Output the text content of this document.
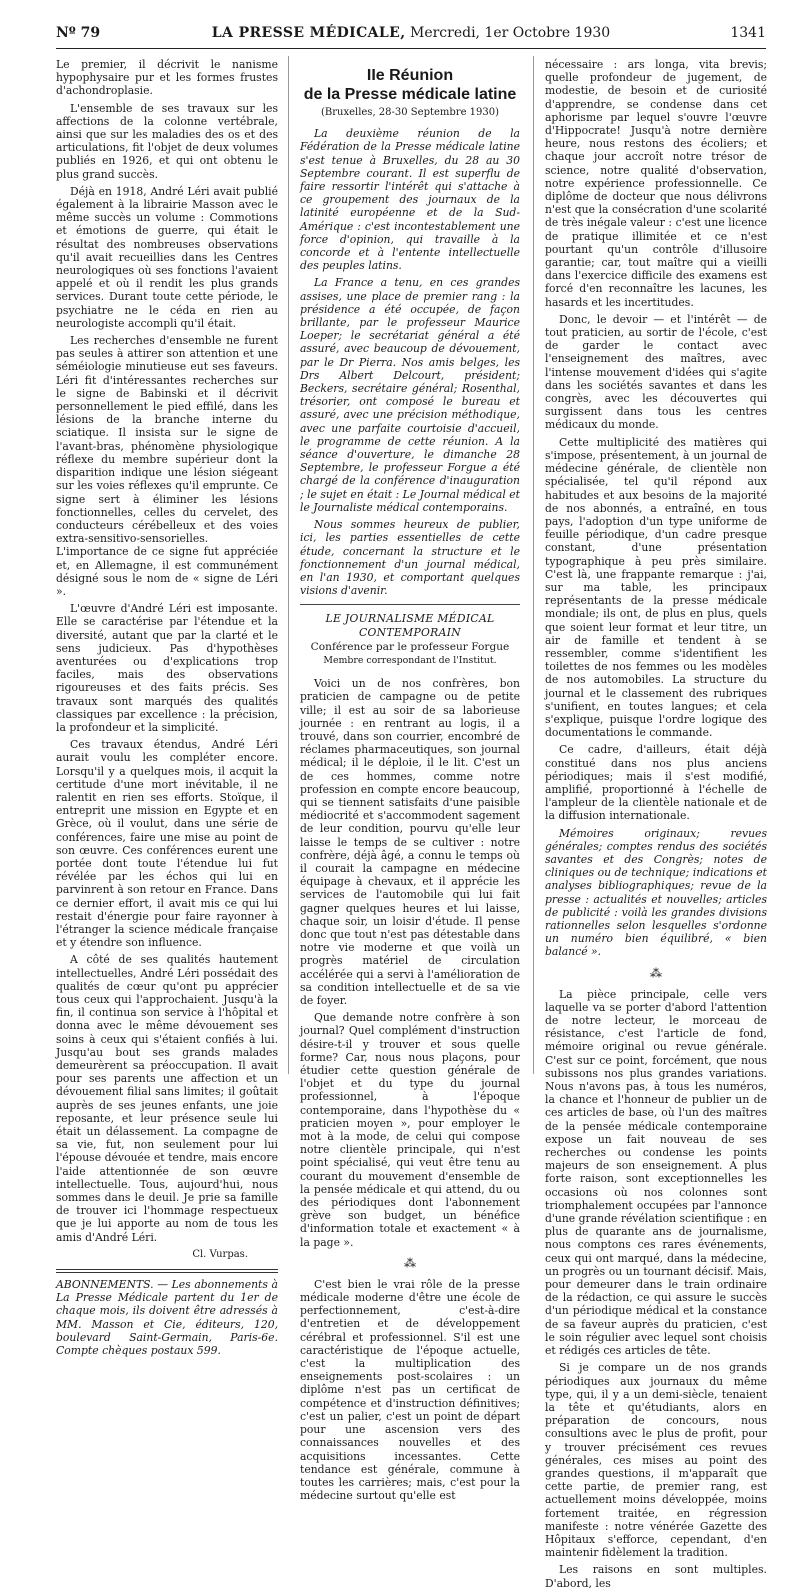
Nº 79	LA PRESSE MÉDICALE, Mercredi, 1er Octobre 1930	1341

Le premier, il décrivit le nanisme hypophysaire pur et les formes frustes d'achondroplasie.

L'ensemble de ses travaux sur les affections de la colonne vertébrale, ainsi que sur les maladies des os et des articulations, fit l'objet de deux volumes publiés en 1926, et qui ont obtenu le plus grand succès.

Déjà en 1918, André Léri avait publié également à la librairie Masson avec le même succès un volume : Commotions et émotions de guerre, qui était le résultat des nombreuses observations qu'il avait recueillies dans les Centres neurologiques où ses fonctions l'avaient appelé et où il rendit les plus grands services. Durant toute cette période, le psychiatre ne le céda en rien au neurologiste accompli qu'il était.

Les recherches d'ensemble ne furent pas seules à attirer son attention et une séméiologie minutieuse eut ses faveurs. Léri fit d'intéressantes recherches sur le signe de Babinski et il décrivit personnellement le pied effilé, dans les lésions de la branche interne du sciatique. Il insista sur le signe de l'avant-bras, phénomène physiologique réflexe du membre supérieur dont la disparition indique une lésion siégeant sur les voies réflexes qu'il emprunte. Ce signe sert à éliminer les lésions fonctionnelles, celles du cervelet, des conducteurs cérébelleux et des voies extra-sensitivo-sensorielles. L'importance de ce signe fut appréciée et, en Allemagne, il est communément désigné sous le nom de « signe de Léri ».

L'œuvre d'André Léri est imposante. Elle se caractérise par l'étendue et la diversité, autant que par la clarté et le sens judicieux. Pas d'hypothèses aventurées ou d'explications trop faciles, mais des observations rigoureuses et des faits précis. Ses travaux sont marqués des qualités classiques par excellence : la précision, la profondeur et la simplicité.

Ces travaux étendus, André Léri aurait voulu les compléter encore. Lorsqu'il y a quelques mois, il acquit la certitude d'une mort inévitable, il ne ralentit en rien ses efforts. Stoïque, il entreprit une mission en Egypte et en Grèce, où il voulut, dans une série de conférences, faire une mise au point de son œuvre. Ces conférences eurent une portée dont toute l'étendue lui fut révélée par les échos qui lui en parvinrent à son retour en France. Dans ce dernier effort, il avait mis ce qui lui restait d'énergie pour faire rayonner à l'étranger la science médicale française et y étendre son influence.

A côté de ses qualités hautement intellectuelles, André Léri possédait des qualités de cœur qu'ont pu apprécier tous ceux qui l'approchaient. Jusqu'à la fin, il continua son service à l'hôpital et donna avec le même dévouement ses soins à ceux qui s'étaient confiés à lui. Jusqu'au bout ses grands malades demeurèrent sa préoccupation. Il avait pour ses parents une affection et un dévouement filial sans limites; il goûtait auprès de ses jeunes enfants, une joie reposante, et leur présence seule lui était un délassement. La compagne de sa vie, fut, non seulement pour lui l'épouse dévouée et tendre, mais encore l'aide attentionnée de son œuvre intellectuelle. Tous, aujourd'hui, nous sommes dans le deuil. Je prie sa famille de trouver ici l'hommage respectueux que je lui apporte au nom de tous les amis d'André Léri.

Cl. Vurpas.

ABONNEMENTS. — Les abonnements à La Presse Médicale partent du 1er de chaque mois, ils doivent être adressés à MM. Masson et Cie, éditeurs, 120, boulevard Saint-Germain, Paris-6e. Compte chèques postaux 599.

IIe Réunion
de la Presse médicale latine
(Bruxelles, 28-30 Septembre 1930)

La deuxième réunion de la Fédération de la Presse médicale latine s'est tenue à Bruxelles, du 28 au 30 Septembre courant. Il est superflu de faire ressortir l'intérêt qui s'attache à ce groupement des journaux de la latinité européenne et de la Sud-Amérique : c'est incontestablement une force d'opinion, qui travaille à la concorde et à l'entente intellectuelle des peuples latins.

La France a tenu, en ces grandes assises, une place de premier rang : la présidence a été occupée, de façon brillante, par le professeur Maurice Loeper; le secrétariat général a été assuré, avec beaucoup de dévouement, par le Dr Pierra. Nos amis belges, les Drs Albert Delcourt, président; Beckers, secrétaire général; Rosenthal, trésorier, ont composé le bureau et assuré, avec une précision méthodique, avec une parfaite courtoisie d'accueil, le programme de cette réunion. A la séance d'ouverture, le dimanche 28 Septembre, le professeur Forgue a été chargé de la conférence d'inauguration ; le sujet en était : Le Journal médical et le Journaliste médical contemporains.

Nous sommes heureux de publier, ici, les parties essentielles de cette étude, concernant la structure et le fonctionnement d'un journal médical, en l'an 1930, et comportant quelques visions d'avenir.

LE JOURNALISME MÉDICAL CONTEMPORAIN
Conférence par le professeur Forgue
Membre correspondant de l'Institut.

Voici un de nos confrères, bon praticien de campagne ou de petite ville; il est au soir de sa laborieuse journée : en rentrant au logis, il a trouvé, dans son courrier, encombré de réclames pharmaceutiques, son journal médical; il le déploie, il le lit. C'est un de ces hommes, comme notre profession en compte encore beaucoup, qui se tiennent satisfaits d'une paisible médiocrité et s'accommodent sagement de leur condition, pourvu qu'elle leur laisse le temps de se cultiver : notre confrère, déjà âgé, a connu le temps où il courait la campagne en médecine équipage à chevaux, et il apprécie les services de l'automobile qui lui fait gagner quelques heures et lui laisse, chaque soir, un loisir d'étude. Il pense donc que tout n'est pas détestable dans notre vie moderne et que voilà un progrès matériel de circulation accélérée qui a servi à l'amélioration de sa condition intellectuelle et de sa vie de foyer.

Que demande notre confrère à son journal? Quel complément d'instruction désire-t-il y trouver et sous quelle forme? Car, nous nous plaçons, pour étudier cette question générale de l'objet et du type du journal professionnel, à l'époque contemporaine, dans l'hypothèse du « praticien moyen », pour employer le mot à la mode, de celui qui compose notre clientèle principale, qui n'est point spécialisé, qui veut être tenu au courant du mouvement d'ensemble de la pensée médicale et qui attend, du ou des périodiques dont l'abonnement grève son budget, un bénéfice d'information totale et exactement « à la page ».

⁂

C'est bien le vrai rôle de la presse médicale moderne d'être une école de perfectionnement, c'est-à-dire d'entretien et de développement cérébral et professionnel. S'il est une caractéristique de l'époque actuelle, c'est la multiplication des enseignements post-scolaires : un diplôme n'est pas un certificat de compétence et d'instruction définitives; c'est un palier, c'est un point de départ pour une ascension vers des connaissances nouvelles et des acquisitions incessantes. Cette tendance est générale, commune à toutes les carrières; mais, c'est pour la médecine surtout qu'elle est

nécessaire : ars longa, vita brevis; quelle profondeur de jugement, de modestie, de besoin et de curiosité d'apprendre, se condense dans cet aphorisme par lequel s'ouvre l'œuvre d'Hippocrate! Jusqu'à notre dernière heure, nous restons des écoliers; et chaque jour accroît notre trésor de science, notre qualité d'observation, notre expérience professionnelle. Ce diplôme de docteur que nous délivrons n'est que la consécration d'une scolarité de très inégale valeur : c'est une licence de pratique illimitée et ce n'est pourtant qu'un contrôle d'illusoire garantie; car, tout maître qui a vieilli dans l'exercice difficile des examens est forcé d'en reconnaître les lacunes, les hasards et les incertitudes.

Donc, le devoir — et l'intérêt — de tout praticien, au sortir de l'école, c'est de garder le contact avec l'enseignement des maîtres, avec l'intense mouvement d'idées qui s'agite dans les sociétés savantes et dans les congrès, avec les découvertes qui surgissent dans tous les centres médicaux du monde.

Cette multiplicité des matières qui s'impose, présentement, à un journal de médecine générale, de clientèle non spécialisée, tel qu'il répond aux habitudes et aux besoins de la majorité de nos abonnés, a entraîné, en tous pays, l'adoption d'un type uniforme de feuille périodique, d'un cadre presque constant, d'une présentation typographique à peu près similaire. C'est là, une frappante remarque : j'ai, sur ma table, les principaux représentants de la presse médicale mondiale; ils ont, de plus en plus, quels que soient leur format et leur titre, un air de famille et tendent à se ressembler, comme s'identifient les toilettes de nos femmes ou les modèles de nos automobiles. La structure du journal et le classement des rubriques s'unifient, en toutes langues; et cela s'explique, puisque l'ordre logique des documentations le commande.

Ce cadre, d'ailleurs, était déjà constitué dans nos plus anciens périodiques; mais il s'est modifié, amplifié, proportionné à l'échelle de l'ampleur de la clientèle nationale et de la diffusion internationale.

Mémoires originaux; revues générales; comptes rendus des sociétés savantes et des Congrès; notes de cliniques ou de technique; indications et analyses bibliographiques; revue de la presse : actualités et nouvelles; articles de publicité : voilà les grandes divisions rationnelles selon lesquelles s'ordonne un numéro bien équilibré, « bien balancé ».

⁂

La pièce principale, celle vers laquelle va se porter d'abord l'attention de notre lecteur, le morceau de résistance, c'est l'article de fond, mémoire original ou revue générale. C'est sur ce point, forcément, que nous subissons nos plus grandes variations. Nous n'avons pas, à tous les numéros, la chance et l'honneur de publier un de ces articles de base, où l'un des maîtres de la pensée médicale contemporaine expose un fait nouveau de ses recherches ou condense les points majeurs de son enseignement. A plus forte raison, sont exceptionnelles les occasions où nos colonnes sont triomphalement occupées par l'annonce d'une grande révélation scientifique : en plus de quarante ans de journalisme, nous comptons ces rares événements, ceux qui ont marqué, dans la médecine, un progrès ou un tournant décisif. Mais, pour demeurer dans le train ordinaire de la rédaction, ce qui assure le succès d'un périodique médical et la constance de sa faveur auprès du praticien, c'est le soin régulier avec lequel sont choisis et rédigés ces articles de tête.

Si je compare un de nos grands périodiques aux journaux du même type, qui, il y a un demi-siècle, tenaient la tête et qu'étudiants, alors en préparation de concours, nous consultions avec le plus de profit, pour y trouver précisément ces revues générales, ces mises au point des grandes questions, il m'apparaît que cette partie, de premier rang, est actuellement moins développée, moins fortement traitée, en régression manifeste : notre vénérée Gazette des Hôpitaux s'efforce, cependant, d'en maintenir fidèlement la tradition.

Les raisons en sont multiples. D'abord, les
